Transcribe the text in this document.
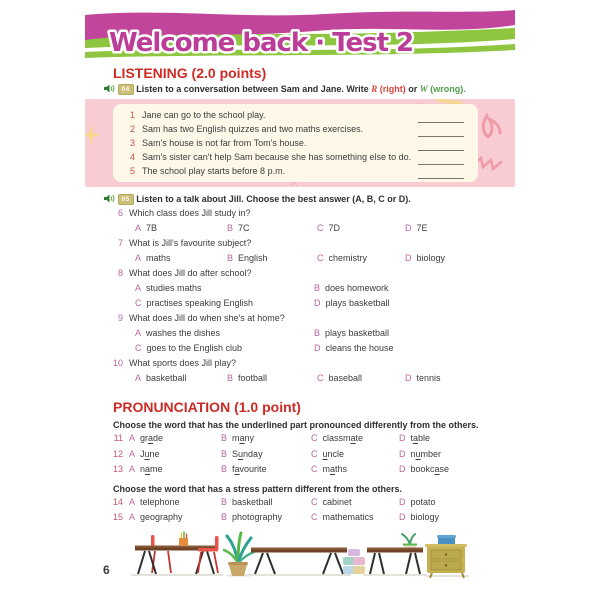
Welcome back · Test 2
LISTENING (2.0 points)
04 Listen to a conversation between Sam and Jane. Write R (right) or W (wrong).
1 Jane can go to the school play.
2 Sam has two English quizzes and two maths exercises.
3 Sam's house is not far from Tom's house.
4 Sam's sister can't help Sam because she has something else to do.
5 The school play starts before 8 p.m.
05 Listen to a talk about Jill. Choose the best answer (A, B, C or D).
6 Which class does Jill study in?
A 7B	B 7C	C 7D	D 7E
7 What is Jill's favourite subject?
A maths	B English	C chemistry	D biology
8 What does Jill do after school?
A studies maths	B does homework
C practises speaking English	D plays basketball
9 What does Jill do when she's at home?
A washes the dishes	B plays basketball
C goes to the English club	D cleans the house
10 What sports does Jill play?
A basketball	B football	C baseball	D tennis
PRONUNCIATION (1.0 point)
Choose the word that has the underlined part pronounced differently from the others.
11 A grade	B many	C classmate	D table
12 A June	B Sunday	C uncle	D number
13 A name	B favourite	C maths	D bookcase
Choose the word that has a stress pattern different from the others.
14 A telephone	B basketball	C cabinet	D potato
15 A geography	B photography	C mathematics	D biology
6
